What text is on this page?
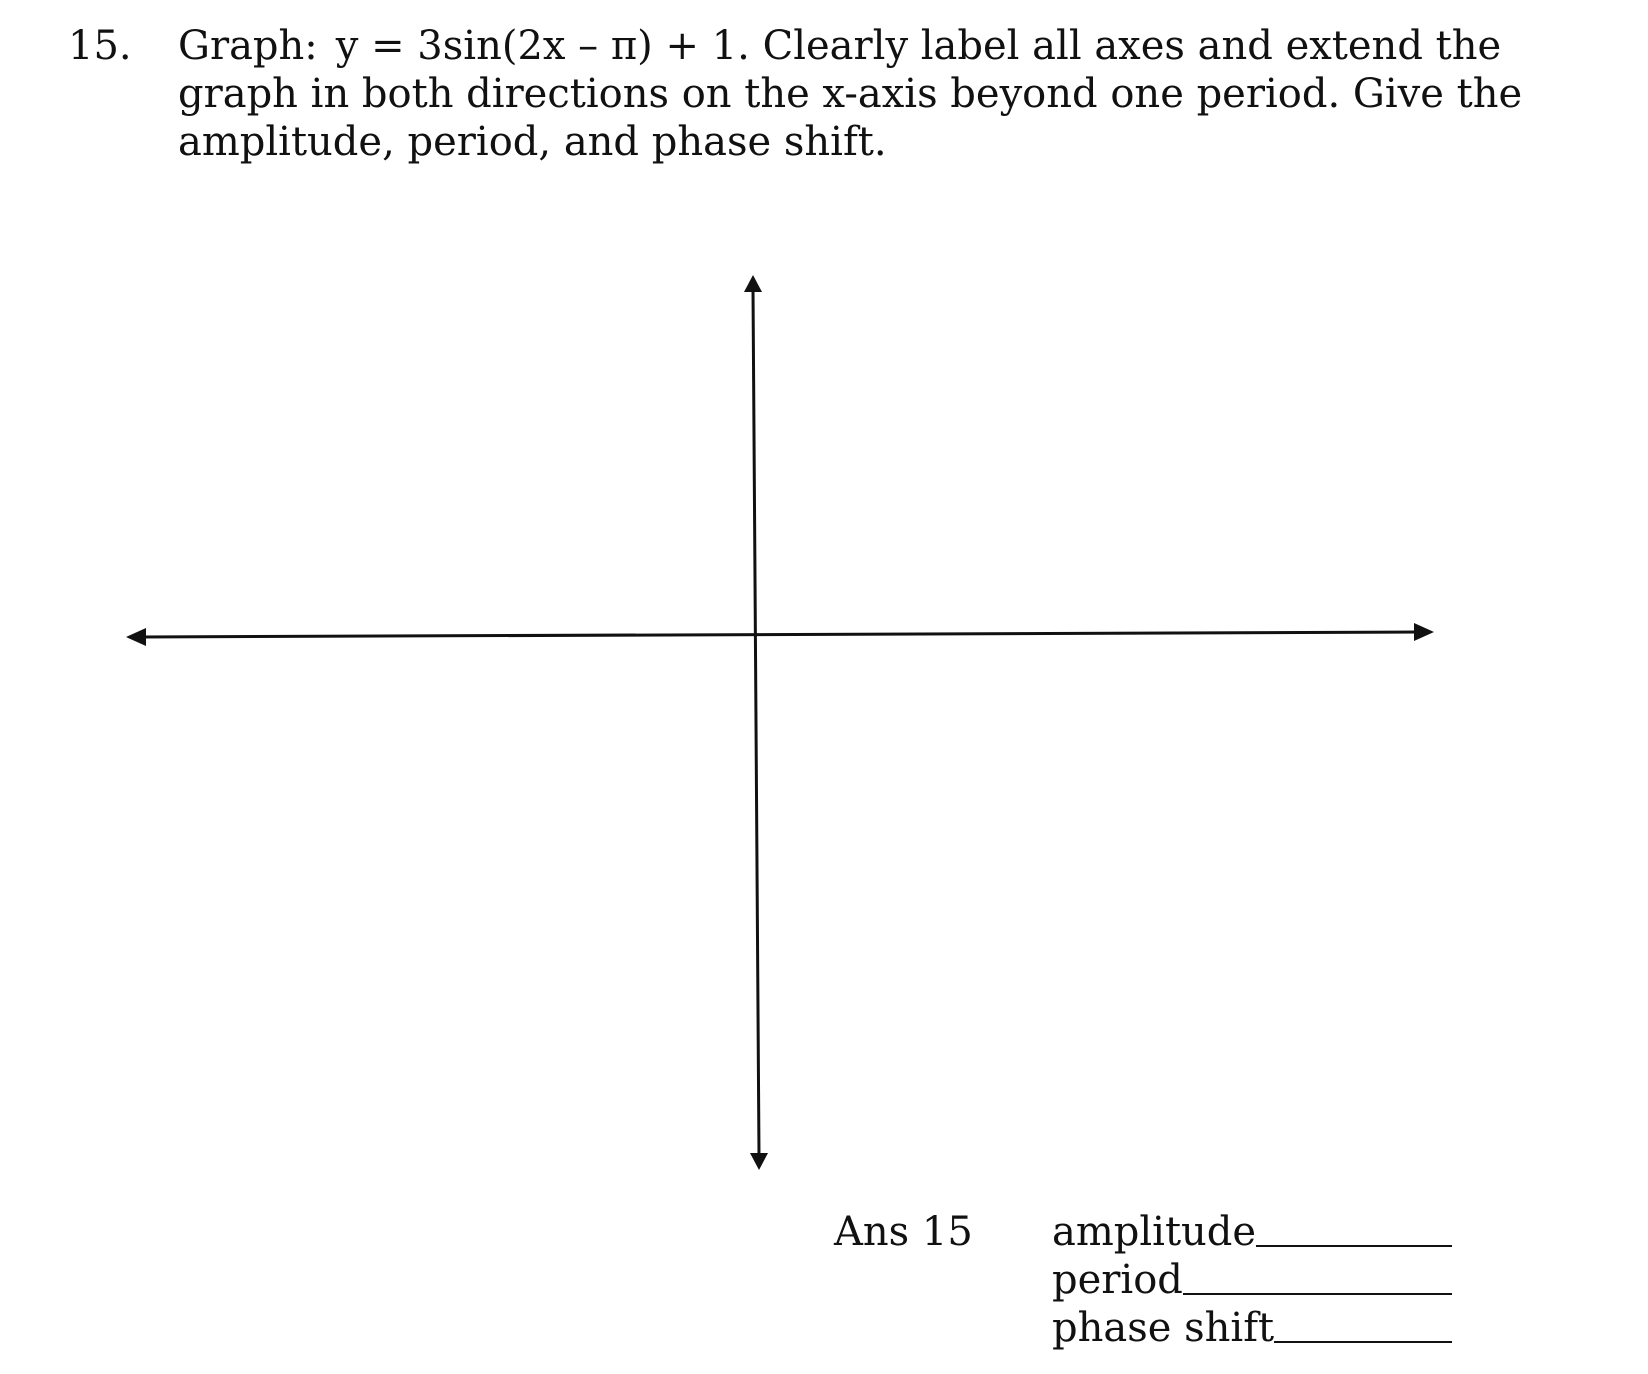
15. Graph: y = 3sin(2x – π) + 1. Clearly label all axes and extend the
graph in both directions on the x-axis beyond one period. Give the
amplitude, period, and phase shift.
Ans 15 amplitude
period
phase shift
